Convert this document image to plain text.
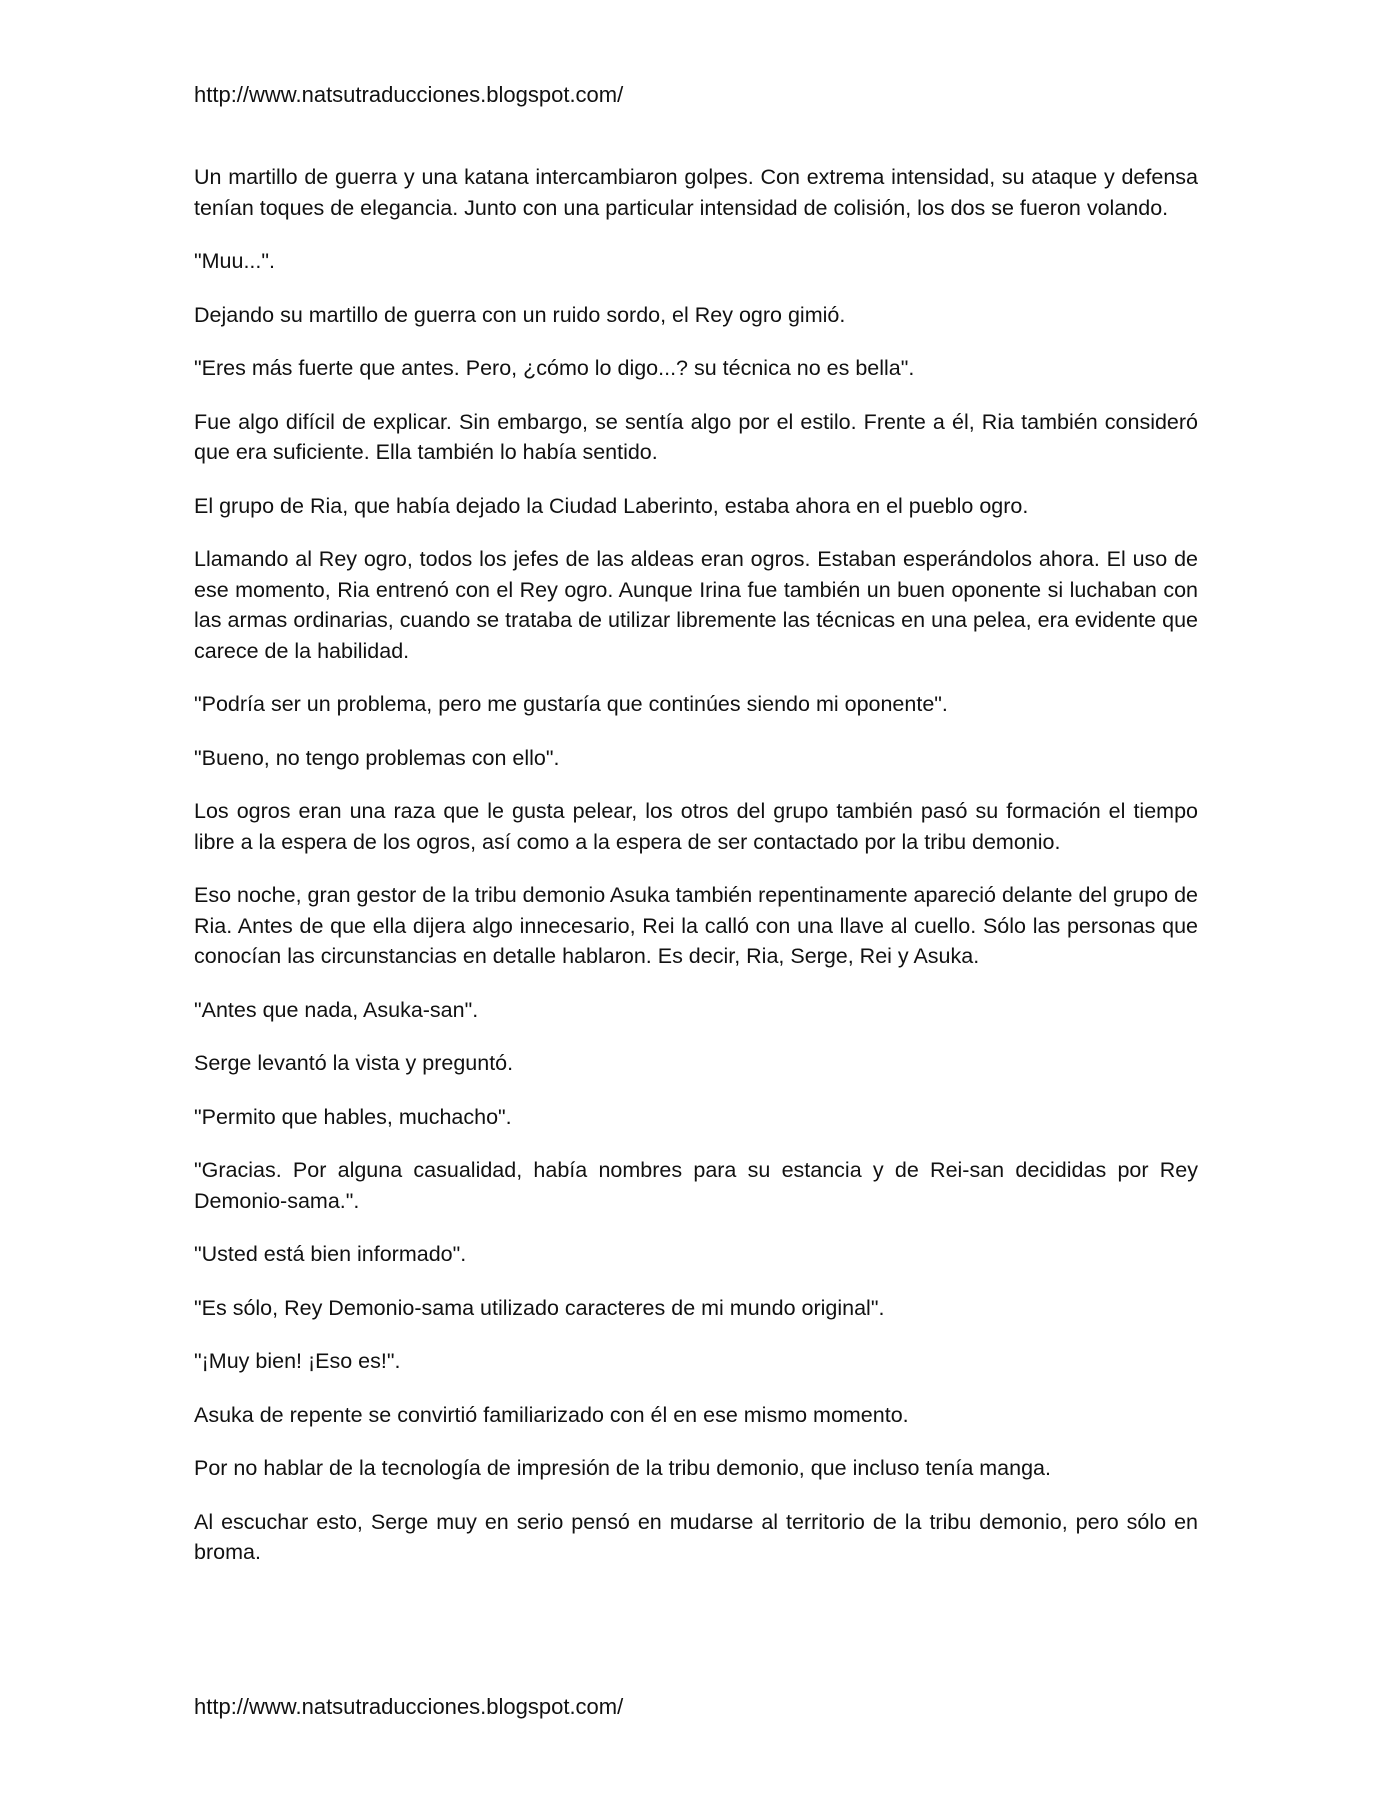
http://www.natsutraducciones.blogspot.com/

Un martillo de guerra y una katana intercambiaron golpes. Con extrema intensidad, su ataque y defensa tenían toques de elegancia. Junto con una particular intensidad de colisión, los dos se fueron volando.

"Muu...".

Dejando su martillo de guerra con un ruido sordo, el Rey ogro gimió.

"Eres más fuerte que antes. Pero, ¿cómo lo digo...? su técnica no es bella".

Fue algo difícil de explicar. Sin embargo, se sentía algo por el estilo. Frente a él, Ria también consideró que era suficiente. Ella también lo había sentido.

El grupo de Ria, que había dejado la Ciudad Laberinto, estaba ahora en el pueblo ogro.

Llamando al Rey ogro, todos los jefes de las aldeas eran ogros. Estaban esperándolos ahora. El uso de ese momento, Ria entrenó con el Rey ogro. Aunque Irina fue también un buen oponente si luchaban con las armas ordinarias, cuando se trataba de utilizar libremente las técnicas en una pelea, era evidente que carece de la habilidad.

"Podría ser un problema, pero me gustaría que continúes siendo mi oponente".

"Bueno, no tengo problemas con ello".

Los ogros eran una raza que le gusta pelear, los otros del grupo también pasó su formación el tiempo libre a la espera de los ogros, así como a la espera de ser contactado por la tribu demonio.

Eso noche, gran gestor de la tribu demonio Asuka también repentinamente apareció delante del grupo de Ria. Antes de que ella dijera algo innecesario, Rei la calló con una llave al cuello. Sólo las personas que conocían las circunstancias en detalle hablaron. Es decir, Ria, Serge, Rei y Asuka.

"Antes que nada, Asuka-san".

Serge levantó la vista y preguntó.

"Permito que hables, muchacho".

"Gracias. Por alguna casualidad, había nombres para su estancia y de Rei-san decididas por Rey Demonio-sama.".

"Usted está bien informado".

"Es sólo, Rey Demonio-sama utilizado caracteres de mi mundo original".

"¡Muy bien! ¡Eso es!".

Asuka de repente se convirtió familiarizado con él en ese mismo momento.

Por no hablar de la tecnología de impresión de la tribu demonio, que incluso tenía manga.

Al escuchar esto, Serge muy en serio pensó en mudarse al territorio de la tribu demonio, pero sólo en broma.

http://www.natsutraducciones.blogspot.com/
